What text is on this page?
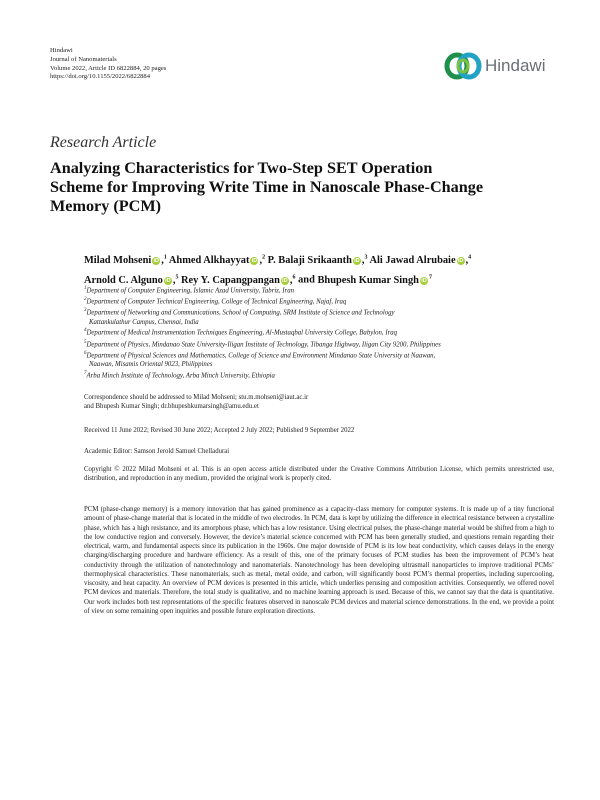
Hindawi
Journal of Nanomaterials
Volume 2022, Article ID 6822884, 20 pages
https://doi.org/10.1155/2022/6822884
Hindawi
Research Article
Analyzing Characteristics for Two-Step SET Operation
Scheme for Improving Write Time in Nanoscale Phase-Change
Memory (PCM)
Milad Mohseni iD ,$^1$ Ahmed Alkhayyat iD ,$^2$ P. Balaji Srikaanth iD ,$^3$ Ali Jawad Alrubaie iD ,$^4$
Arnold C. Alguno iD ,$^5$ Rey Y. Capangpangan iD ,$^6$ and Bhupesh Kumar Singh $iD^7$
$^1$Department of Computer Engineering, Islamic Azad University, Tabriz, Iran
$^2$Department of Computer Technical Engineering, College of Technical Engineering, Najaf, Iraq
$^3$Department of Networking and Communications, School of Computing, SRM Institute of Science and Technology
Kattankulathur Campus, Chennai, India
$^4$Department of Medical Instrumentation Techniques Engineering, Al-Mustaqbal University College, Babylon, Iraq
$^5$Department of Physics, Mindanao State University-Iligan Institute of Technology, Tibanga Highway, Iligan City 9200, Philippines
$^6$Department of Physical Sciences and Mathematics, College of Science and Environment Mindanao State University at Naawan,
Naawan, Misamis Oriental 9023, Philippines
$^7$Arba Minch Institute of Technology, Arba Minch University, Ethiopia
Correspondence should be addressed to Milad Mohseni; stu.m.mohseni@iaut.ac.ir
and Bhupesh Kumar Singh; dr.bhupeshkumarsingh@amu.edu.et
Received 11 June 2022; Revised 30 June 2022; Accepted 2 July 2022; Published 9 September 2022
Academic Editor: Samson Jerold Samuel Chelladurai
Copyright © 2022 Milad Mohseni et al. This is an open access article distributed under the Creative Commons Attribution License, which permits unrestricted use, distribution, and reproduction in any medium, provided the original work is properly cited.
PCM (phase-change memory) is a memory innovation that has gained prominence as a capacity-class memory for computer systems. It is made up of a tiny functional amount of phase-change material that is located in the middle of two electrodes. In PCM, data is kept by utilizing the difference in electrical resistance between a crystalline phase, which has a high resistance, and its amorphous phase, which has a low resistance. Using electrical pulses, the phase-change material would be shifted from a high to the low conductive region and conversely. However, the device’s material science concerned with PCM has been generally studied, and questions remain regarding their electrical, warm, and fundamental aspects since its publication in the 1960s. One major downside of PCM is its low heat conductivity, which causes delays in the energy charging/discharging procedure and hardware efficiency. As a result of this, one of the primary focuses of PCM studies has been the improvement of PCM’s heat conductivity through the utilization of nanotechnology and nanomaterials. Nanotechnology has been developing ultrasmall nanoparticles to improve traditional PCMs’ thermophysical characteristics. These nanomaterials, such as metal, metal oxide, and carbon, will significantly boost PCM’s thermal properties, including supercooling, viscosity, and heat capacity. An overview of PCM devices is presented in this article, which underlies perusing and composition activities. Consequently, we offered novel PCM devices and materials. Therefore, the total study is qualitative, and no machine learning approach is used. Because of this, we cannot say that the data is quantitative. Our work includes both test representations of the specific features observed in nanoscale PCM devices and material science demonstrations. In the end, we provide a point of view on some remaining open inquiries and possible future exploration directions.
